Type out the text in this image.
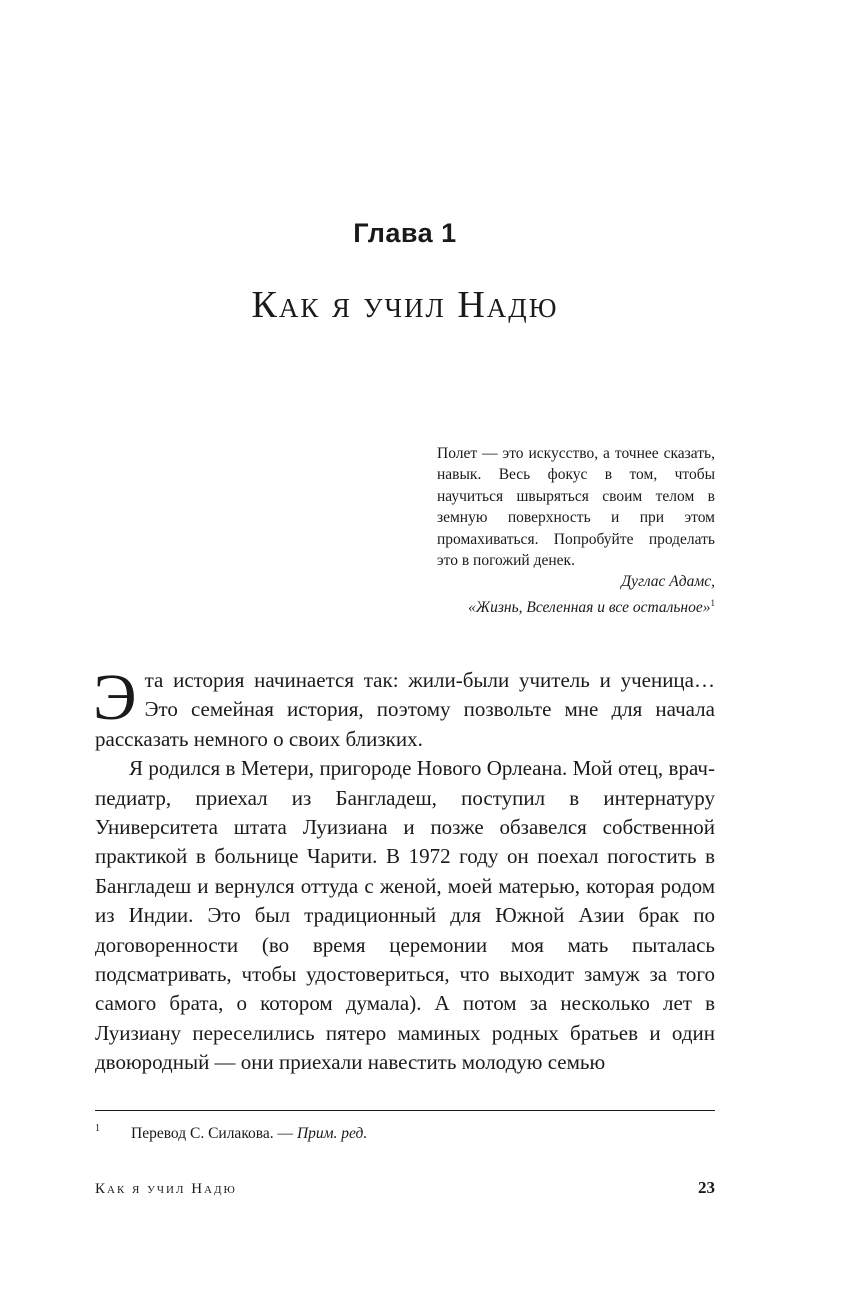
Глава 1
Как я учил Надю
Полет — это искусство, а точнее сказать, навык. Весь фокус в том, чтобы научиться швыряться своим телом в земную поверхность и при этом промахиваться. Попробуйте проделать это в погожий денек.
Дуглас Адамс,
«Жизнь, Вселенная и все остальное»$^1$

Эта история начинается так: жили-были учитель и ученица… Это семейная история, поэтому позвольте мне для начала рассказать немного о своих близких.

Я родился в Метери, пригороде Нового Орлеана. Мой отец, врач-педиатр, приехал из Бангладеш, поступил в интернатуру Университета штата Луизиана и позже обзавелся собственной практикой в больнице Чарити. В 1972 году он поехал погостить в Бангладеш и вернулся оттуда с женой, моей матерью, которая родом из Индии. Это был традиционный для Южной Азии брак по договоренности (во время церемонии моя мать пыталась подсматривать, чтобы удостовериться, что выходит замуж за того самого брата, о котором думала). А потом за несколько лет в Луизиану переселились пятеро маминых родных братьев и один двоюродный — они приехали навестить молодую семью

1 Перевод С. Силакова. — Прим. ред.
Как я учил Надю	23
